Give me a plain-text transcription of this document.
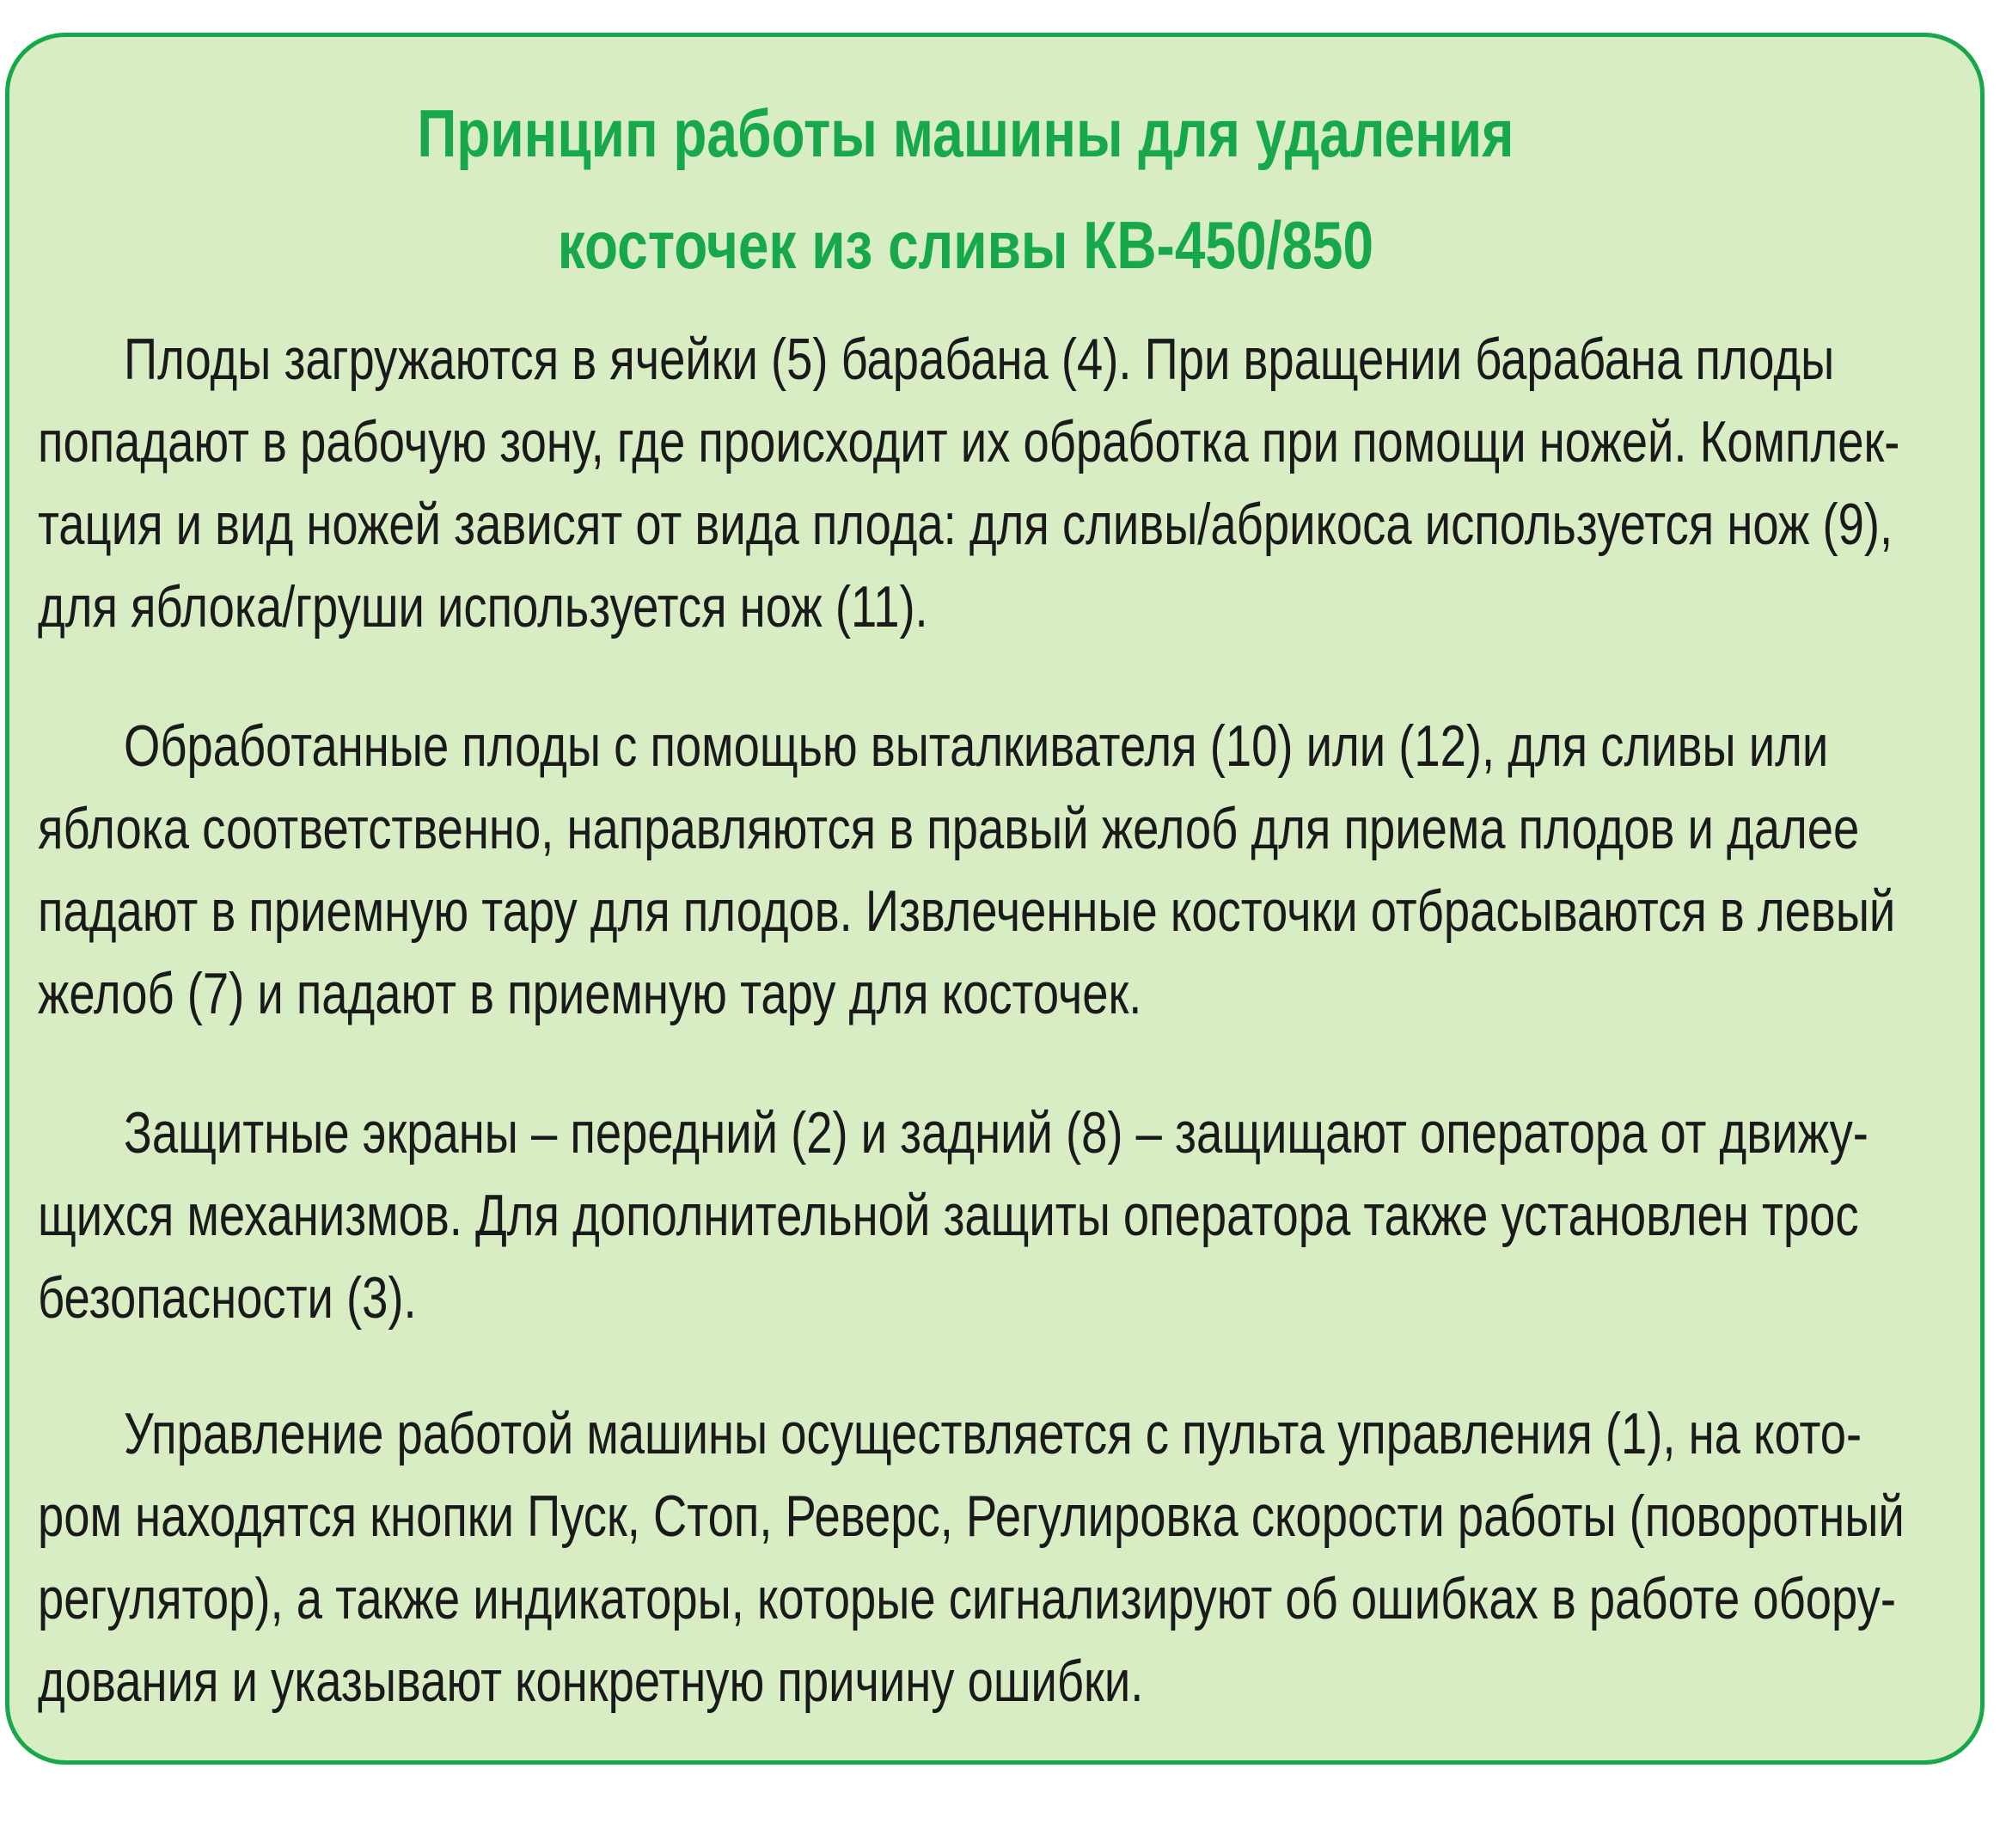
Принцип работы машины для удаления
косточек из сливы КВ-450/850
Плоды загружаются в ячейки (5) барабана (4). При вращении барабана плоды
попадают в рабочую зону, где происходит их обработка при помощи ножей. Комплек-
тация и вид ножей зависят от вида плода: для сливы/абрикоса используется нож (9),
для яблока/груши используется нож (11).
Обработанные плоды с помощью выталкивателя (10) или (12), для сливы или
яблока соответственно, направляются в правый желоб для приема плодов и далее
падают в приемную тару для плодов. Извлеченные косточки отбрасываются в левый
желоб (7) и падают в приемную тару для косточек.
Защитные экраны – передний (2) и задний (8) – защищают оператора от движу-
щихся механизмов. Для дополнительной защиты оператора также установлен трос
безопасности (3).
Управление работой машины осуществляется с пульта управления (1), на кото-
ром находятся кнопки Пуск, Стоп, Реверс, Регулировка скорости работы (поворотный
регулятор), а также индикаторы, которые сигнализируют об ошибках в работе обору-
дования и указывают конкретную причину ошибки.
